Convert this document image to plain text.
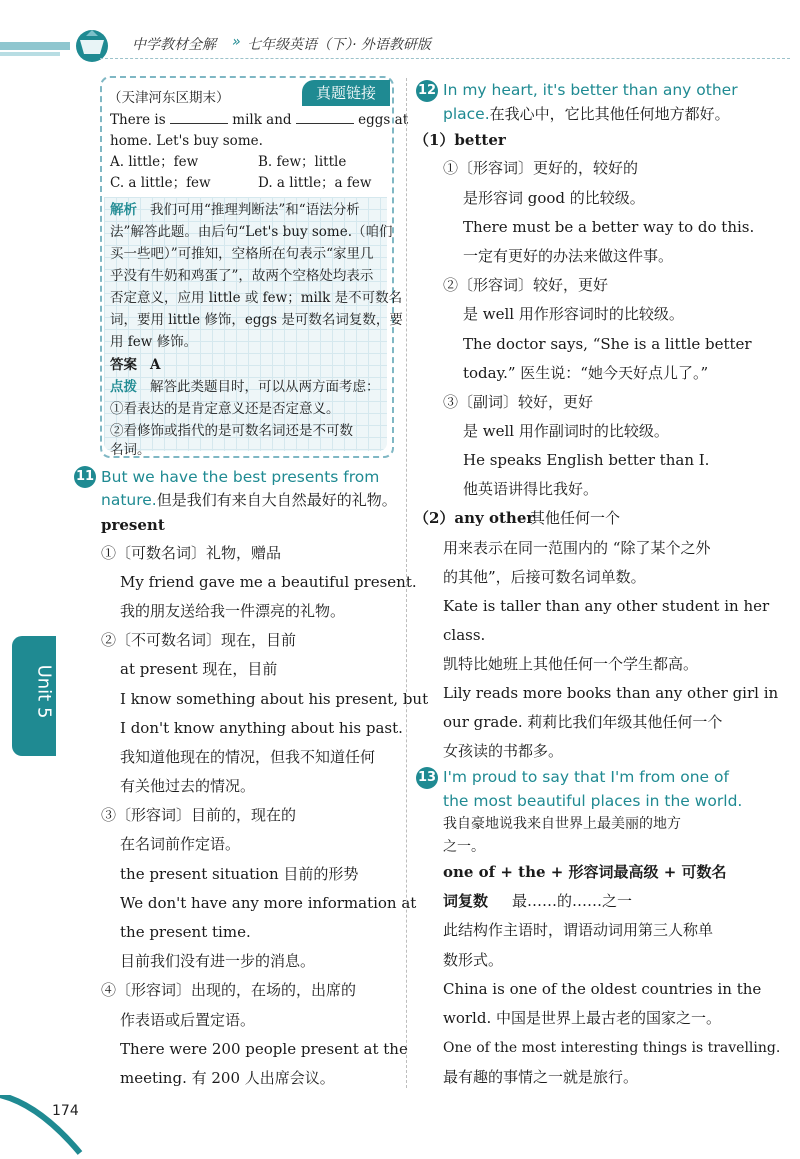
中学教材全解 » 七年级英语（下）· 外语教研版
Unit 5
真题链接
（天津河东区期末）
There is	milk and	eggs at
home. Let's buy some.
A. little；few	B. few；little
C. a little；few	D. a little；a few
解析 我们可用“推理判断法”和“语法分析
法”解答此题。由后句“Let's buy some.（咱们
买一些吧）”可推知，空格所在句表示“家里几
乎没有牛奶和鸡蛋了”，故两个空格处均表示
否定意义，应用 little 或 few；milk 是不可数名
词，要用 little 修饰，eggs 是可数名词复数，要
用 few 修饰。
答案 A
点拨 解答此类题目时，可以从两方面考虑：
①看表达的是肯定意义还是否定意义。
②看修饰或指代的是可数名词还是不可数
名词。
11 But we have the best presents from
nature.但是我们有来自大自然最好的礼物。
present
①〔可数名词〕礼物，赠品
My friend gave me a beautiful present.
我的朋友送给我一件漂亮的礼物。
②〔不可数名词〕现在，目前
at present 现在，目前
I know something about his present, but
I don't know anything about his past.
我知道他现在的情况，但我不知道任何
有关他过去的情况。
③〔形容词〕目前的，现在的
在名词前作定语。
the present situation 目前的形势
We don't have any more information at
the present time.
目前我们没有进一步的消息。
④〔形容词〕出现的，在场的，出席的
作表语或后置定语。
There were 200 people present at the
meeting. 有 200 人出席会议。
12 In my heart, it's better than any other
place.在我心中，它比其他任何地方都好。
（1）better
①〔形容词〕更好的，较好的
是形容词 good 的比较级。
There must be a better way to do this.
一定有更好的办法来做这件事。
②〔形容词〕较好，更好
是 well 用作形容词时的比较级。
The doctor says, “She is a little better
today.” 医生说：“她今天好点儿了。”
③〔副词〕较好，更好
是 well 用作副词时的比较级。
He speaks English better than I.
他英语讲得比我好。
（2）any other
其他任何一个
用来表示在同一范围内的 “除了某个之外
的其他”，后接可数名词单数。
Kate is taller than any other student in her
class.
凯特比她班上其他任何一个学生都高。
Lily reads more books than any other girl in
our grade. 莉莉比我们年级其他任何一个
女孩读的书都多。
13 I'm proud to say that I'm from one of
the most beautiful places in the world.
我自豪地说我来自世界上最美丽的地方
之一。
one of + the + 形容词最高级 + 可数名
词复数 最……的……之一
此结构作主语时，谓语动词用第三人称单
数形式。
China is one of the oldest countries in the
world. 中国是世界上最古老的国家之一。
One of the most interesting things is travelling.
最有趣的事情之一就是旅行。
174
